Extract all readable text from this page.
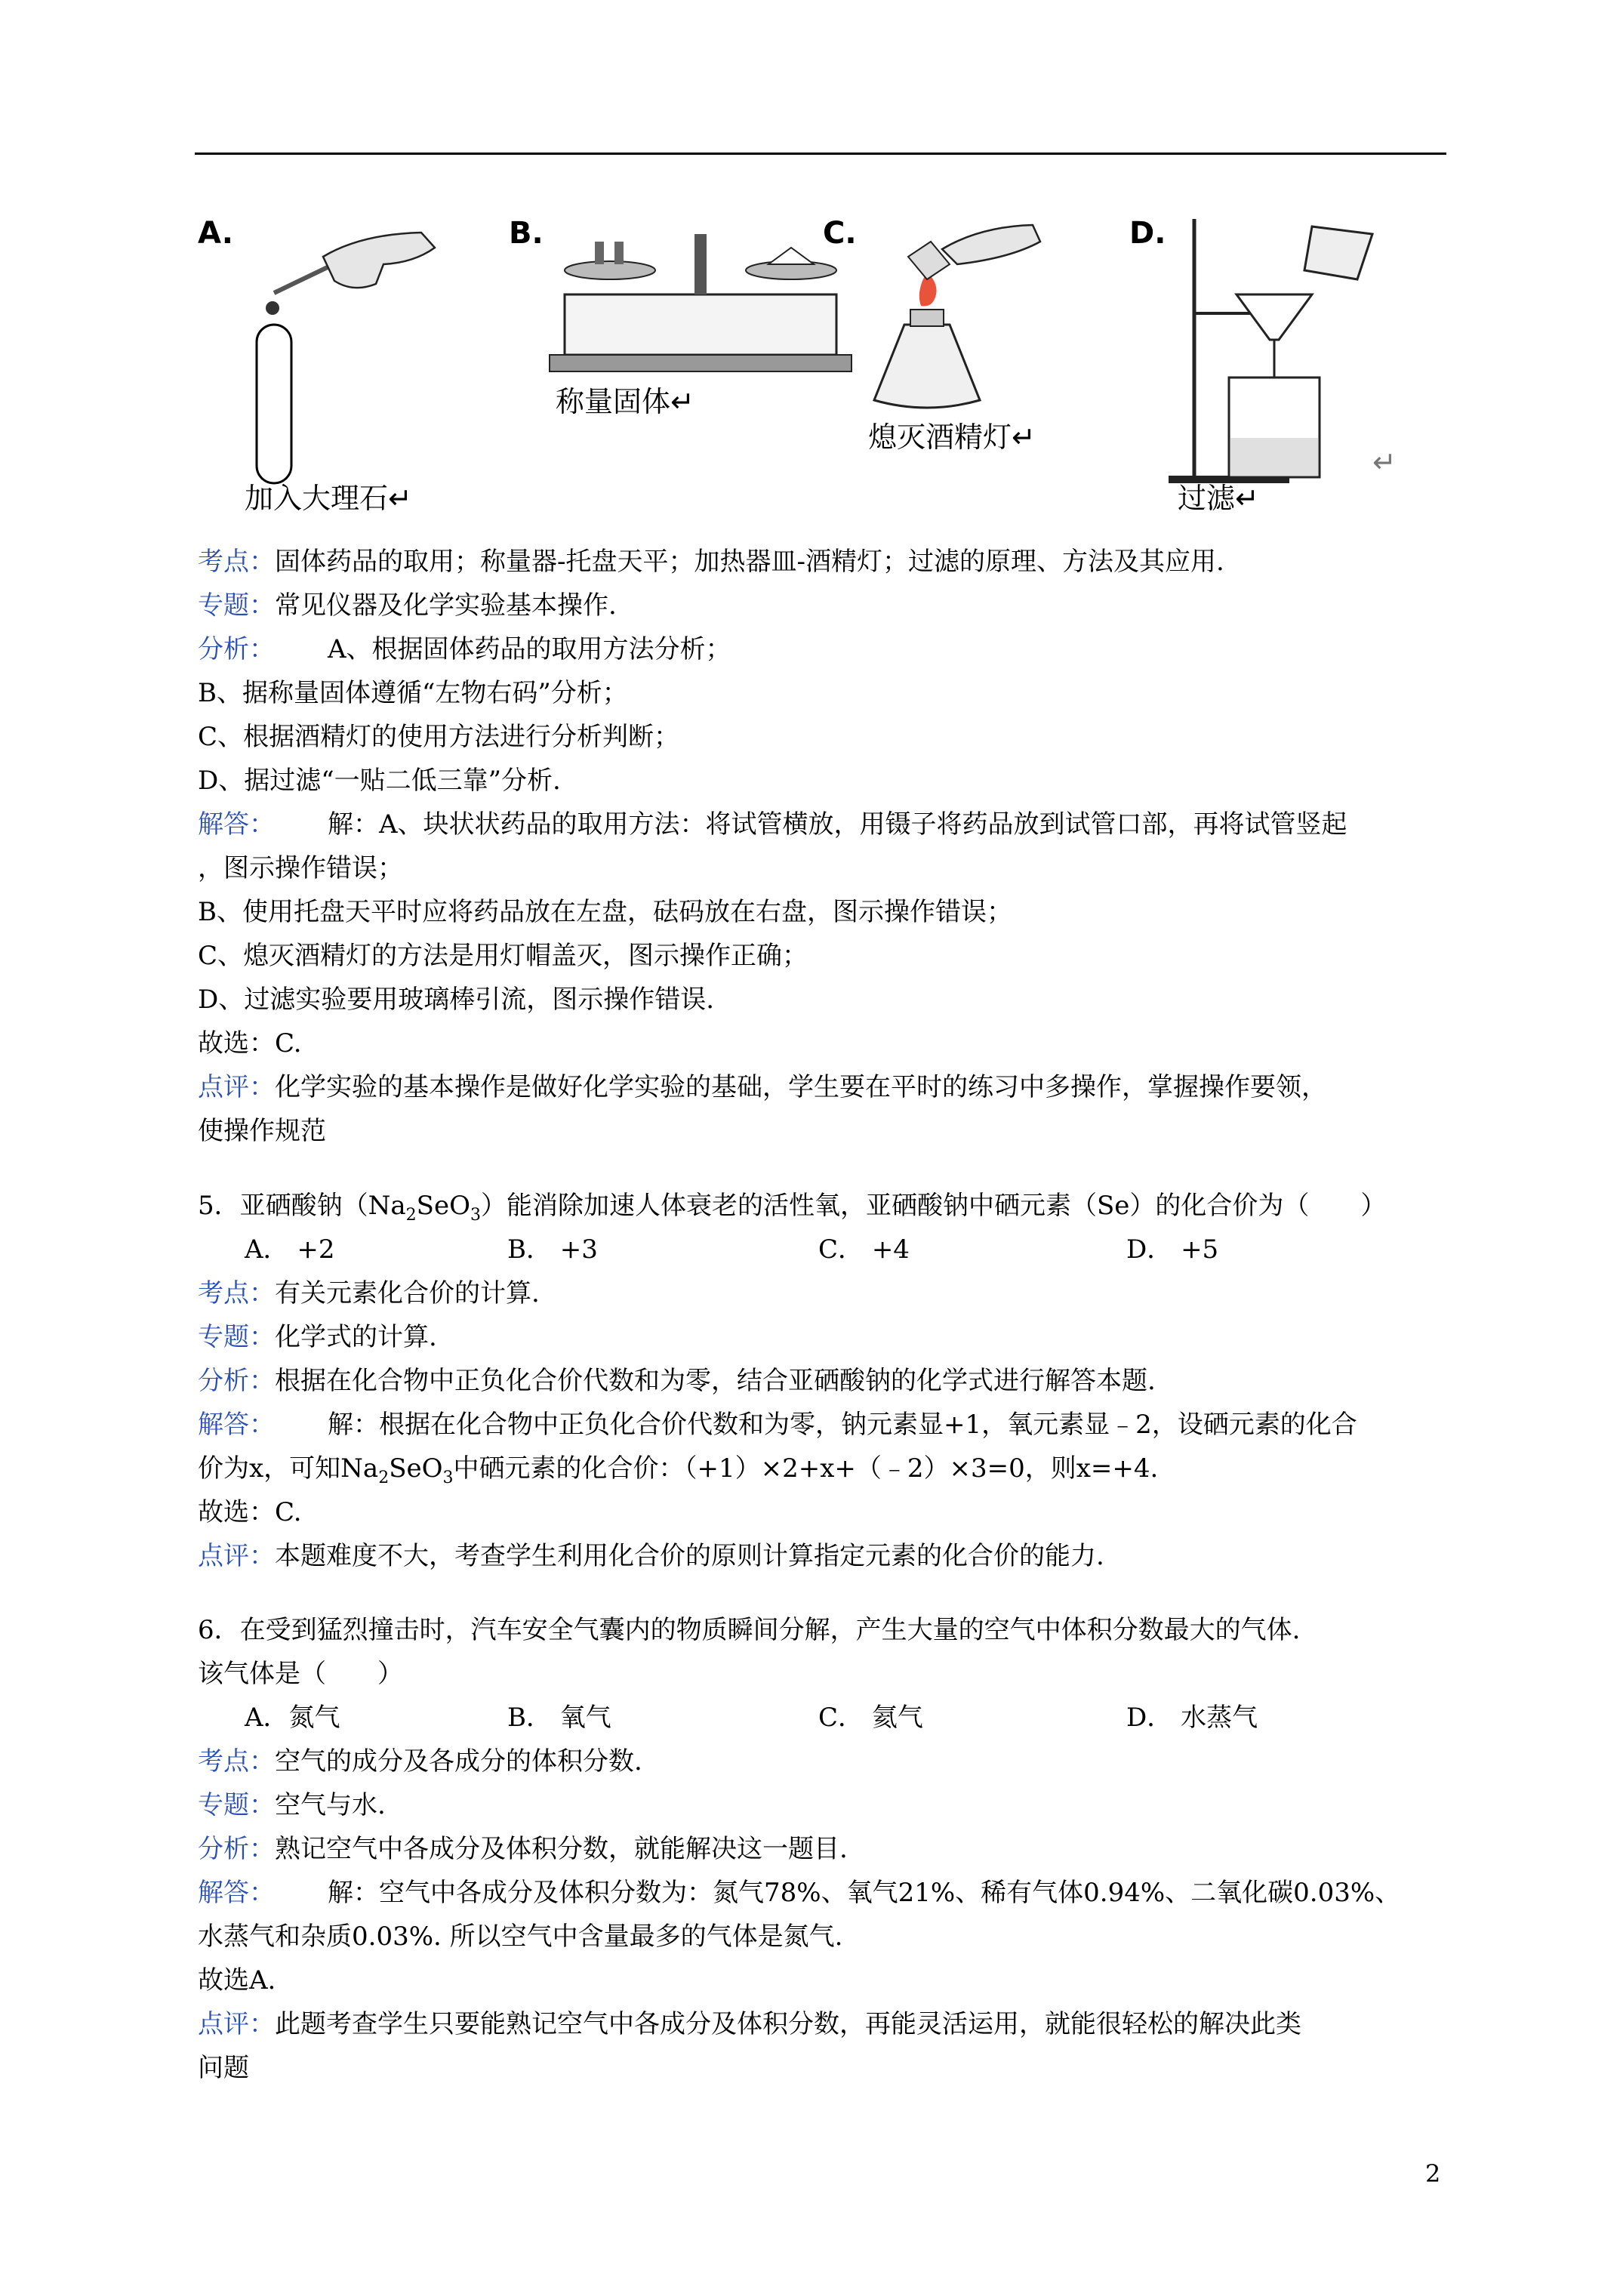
A.
加入大理石↵
B.
称量固体↵
C.
熄灭酒精灯↵
D.
过滤↵
↵
考点：固体药品的取用；称量器-托盘天平；加热器皿-酒精灯；过滤的原理、方法及其应用.
专题：常见仪器及化学实验基本操作.
分析： A、根据固体药品的取用方法分析；
B、据称量固体遵循“左物右码”分析；
C、根据酒精灯的使用方法进行分析判断；
D、据过滤“一贴二低三靠”分析.
解答： 解：A、块状状药品的取用方法：将试管横放，用镊子将药品放到试管口部，再将试管竖起
，图示操作错误；
B、使用托盘天平时应将药品放在左盘，砝码放在右盘，图示操作错误；
C、熄灭酒精灯的方法是用灯帽盖灭，图示操作正确；
D、过滤实验要用玻璃棒引流，图示操作错误.
故选：C.
点评：化学实验的基本操作是做好化学实验的基础，学生要在平时的练习中多操作，掌握操作要领，
使操作规范
5．亚硒酸钠$(Na_2SeO_3)$能消除加速人体衰老的活性氧，亚硒酸钠中硒元素（Se）的化合价为（　　）
A． +2	B． +3	C． +4	D． +5
考点：有关元素化合价的计算.
专题：化学式的计算.
分析：根据在化合物中正负化合价代数和为零，结合亚硒酸钠的化学式进行解答本题.
解答： 解：根据在化合物中正负化合价代数和为零，钠元素显+1，氧元素显﹣2，设硒元素的化合
价为x，可知$Na_2SeO_3$中硒元素的化合价：（+1）×2+x+（﹣2）×3=0，则x=+4.
故选：C.
点评：本题难度不大，考查学生利用化合价的原则计算指定元素的化合价的能力.
6．在受到猛烈撞击时，汽车安全气囊内的物质瞬间分解，产生大量的空气中体积分数最大的气体.
该气体是（　　）
A．氮气	B． 氧气	C． 氦气	D． 水蒸气
考点：空气的成分及各成分的体积分数.
专题：空气与水.
分析：熟记空气中各成分及体积分数，就能解决这一题目.
解答： 解：空气中各成分及体积分数为：氮气78%、氧气21%、稀有气体0.94%、二氧化碳0.03%、
水蒸气和杂质0.03%. 所以空气中含量最多的气体是氮气.
故选A.
点评：此题考查学生只要能熟记空气中各成分及体积分数，再能灵活运用，就能很轻松的解决此类
问题
2
